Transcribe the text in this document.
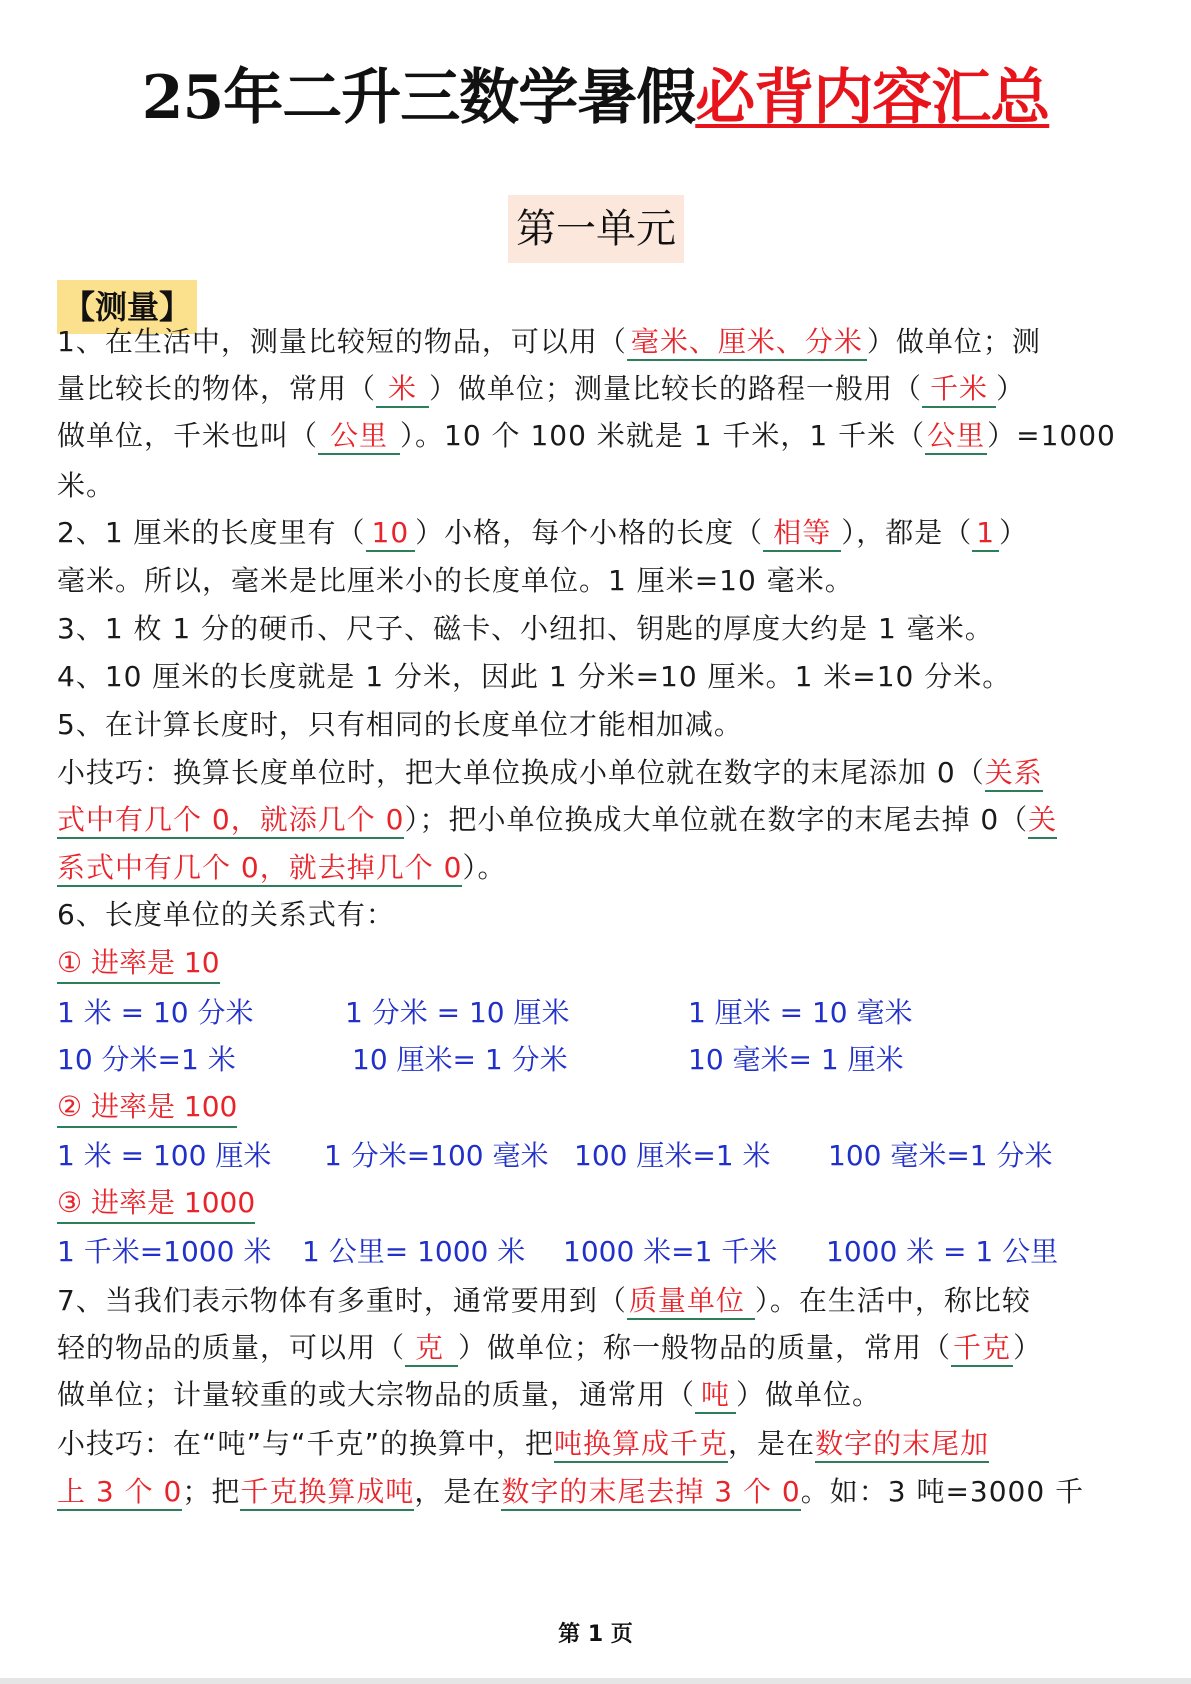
25年二升三数学暑假必背内容汇总
第一单元
【测量】
1、在生活中，测量比较短的物品，可以用（ 毫米、厘米、分米 ）做单位；测
量比较长的物体，常用（ 米 ）做单位；测量比较长的路程一般用（ 千米 ）
做单位，千米也叫（ 公里 ）。10 个 100 米就是 1 千米，1 千米（公里）=1000
米。
2、1 厘米的长度里有（ 10 ）小格，每个小格的长度（ 相等 ），都是（ 1 ）
毫米。所以，毫米是比厘米小的长度单位。1 厘米=10 毫米。
3、1 枚 1 分的硬币、尺子、磁卡、小纽扣、钥匙的厚度大约是 1 毫米。
4、10 厘米的长度就是 1 分米，因此 1 分米=10 厘米。1 米=10 分米。
5、在计算长度时，只有相同的长度单位才能相加减。
小技巧：换算长度单位时，把大单位换成小单位就在数字的末尾添加 0（关系
式中有几个 0，就添几个 0）；把小单位换成大单位就在数字的末尾去掉 0（关
系式中有几个 0，就去掉几个 0）。
6、长度单位的关系式有：
① 进率是 10
1 米 = 10 分米	1 分米 = 10 厘米	1 厘米 = 10 毫米
10 分米=1 米	10 厘米= 1 分米	10 毫米= 1 厘米
② 进率是 100
1 米 = 100 厘米 1 分米=100 毫米 100 厘米=1 米 100 毫米=1 分米
③ 进率是 1000
1 千米=1000 米 1 公里= 1000 米 1000 米=1 千米 1000 米 = 1 公里
7、当我们表示物体有多重时，通常要用到（质量单位 ）。在生活中，称比较
轻的物品的质量，可以用（ 克 ）做单位；称一般物品的质量，常用（千克）
做单位；计量较重的或大宗物品的质量，通常用（ 吨 ）做单位。
小技巧：在“吨”与“千克”的换算中，把吨换算成千克，是在数字的末尾加
上 3 个 0；把千克换算成吨，是在数字的末尾去掉 3 个 0。如：3 吨=3000 千
第 1 页
